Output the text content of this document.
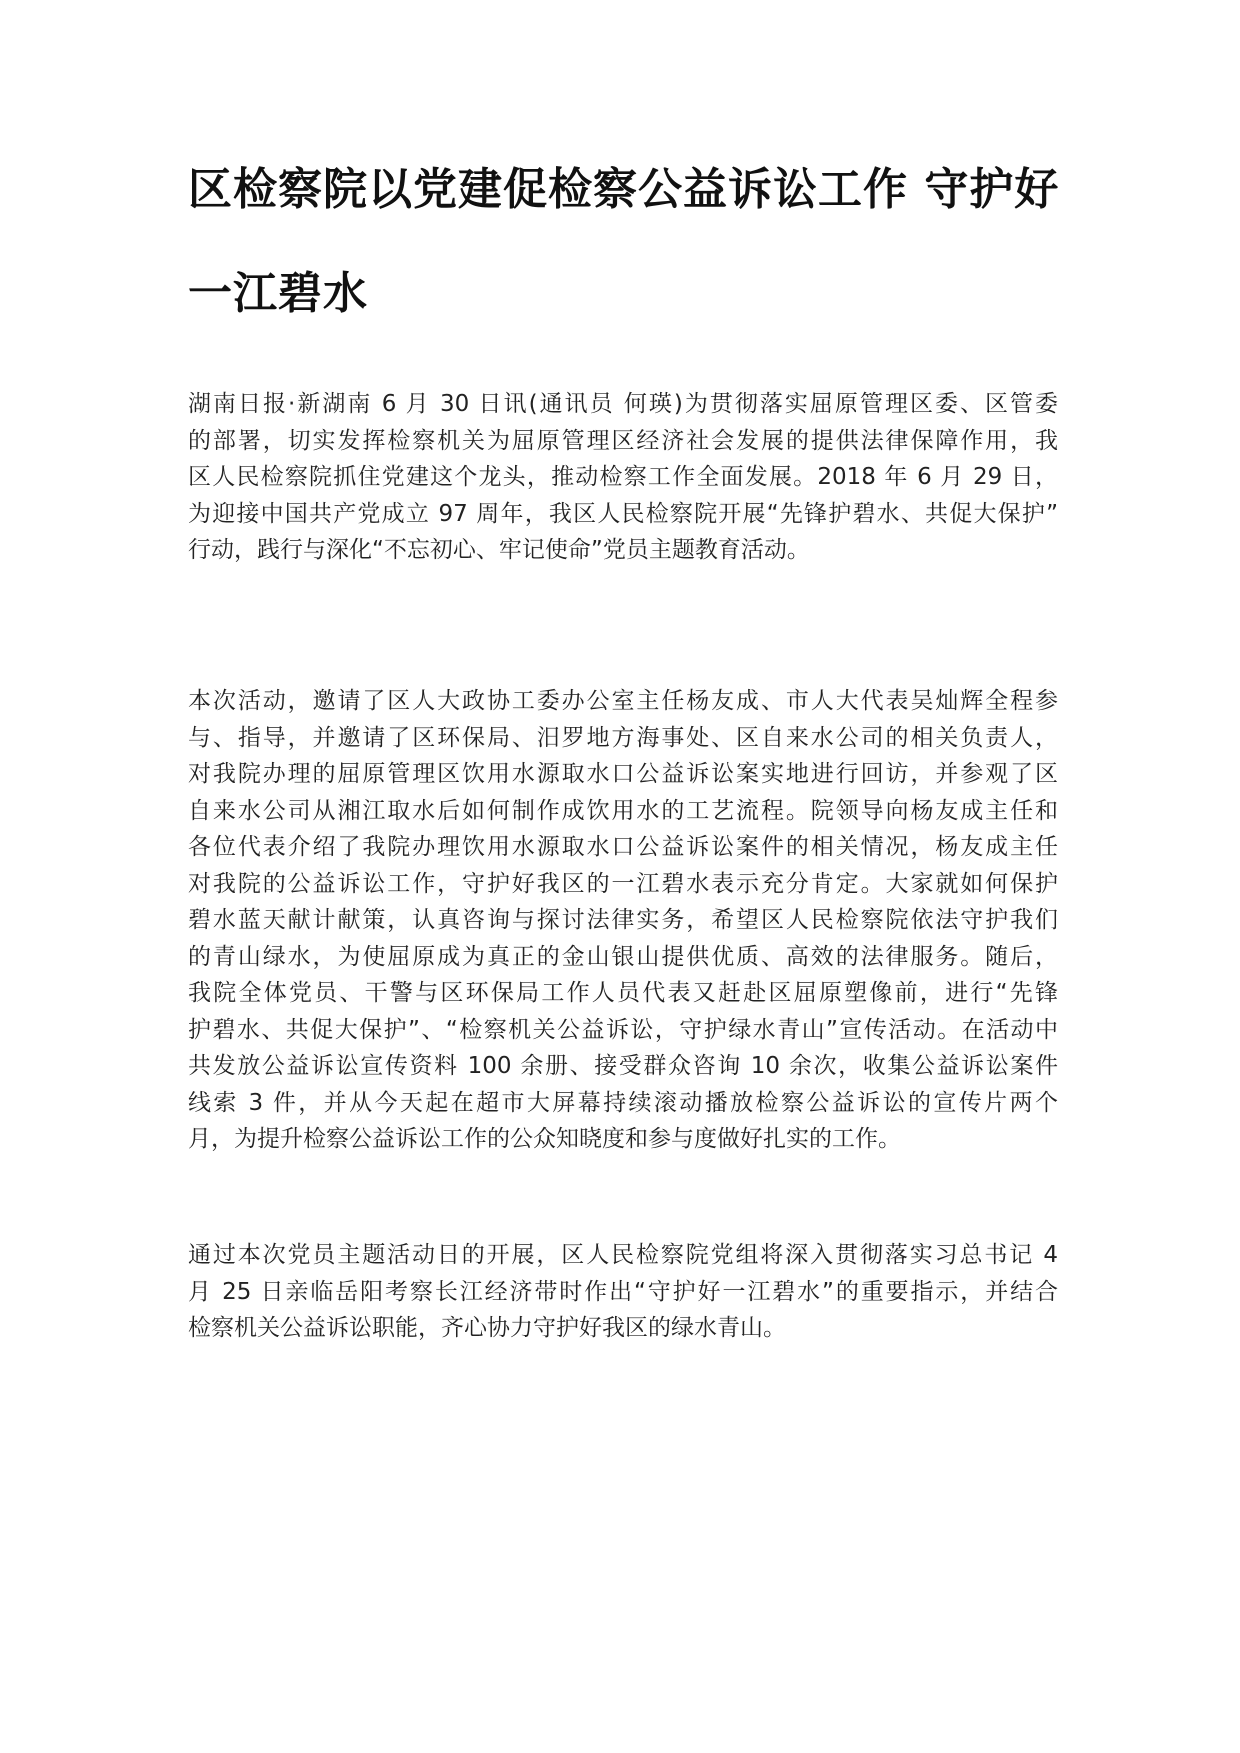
区检察院以党建促检察公益诉讼工作 守护好
一江碧水
湖南日报·新湖南 6 月 30 日讯(通讯员 何瑛)为贯彻落实屈原管理区委、区管委
的部署，切实发挥检察机关为屈原管理区经济社会发展的提供法律保障作用，我
区人民检察院抓住党建这个龙头，推动检察工作全面发展。2018 年 6 月 29 日，
为迎接中国共产党成立 97 周年，我区人民检察院开展“先锋护碧水、共促大保护”
行动，践行与深化“不忘初心、牢记使命”党员主题教育活动。
本次活动，邀请了区人大政协工委办公室主任杨友成、市人大代表吴灿辉全程参
与、指导，并邀请了区环保局、汨罗地方海事处、区自来水公司的相关负责人，
对我院办理的屈原管理区饮用水源取水口公益诉讼案实地进行回访，并参观了区
自来水公司从湘江取水后如何制作成饮用水的工艺流程。院领导向杨友成主任和
各位代表介绍了我院办理饮用水源取水口公益诉讼案件的相关情况，杨友成主任
对我院的公益诉讼工作，守护好我区的一江碧水表示充分肯定。大家就如何保护
碧水蓝天献计献策，认真咨询与探讨法律实务，希望区人民检察院依法守护我们
的青山绿水，为使屈原成为真正的金山银山提供优质、高效的法律服务。随后，
我院全体党员、干警与区环保局工作人员代表又赶赴区屈原塑像前，进行“先锋
护碧水、共促大保护”、“检察机关公益诉讼，守护绿水青山”宣传活动。在活动中
共发放公益诉讼宣传资料 100 余册、接受群众咨询 10 余次，收集公益诉讼案件
线索 3 件，并从今天起在超市大屏幕持续滚动播放检察公益诉讼的宣传片两个
月，为提升检察公益诉讼工作的公众知晓度和参与度做好扎实的工作。
通过本次党员主题活动日的开展，区人民检察院党组将深入贯彻落实习总书记 4
月 25 日亲临岳阳考察长江经济带时作出“守护好一江碧水”的重要指示，并结合
检察机关公益诉讼职能，齐心协力守护好我区的绿水青山。
